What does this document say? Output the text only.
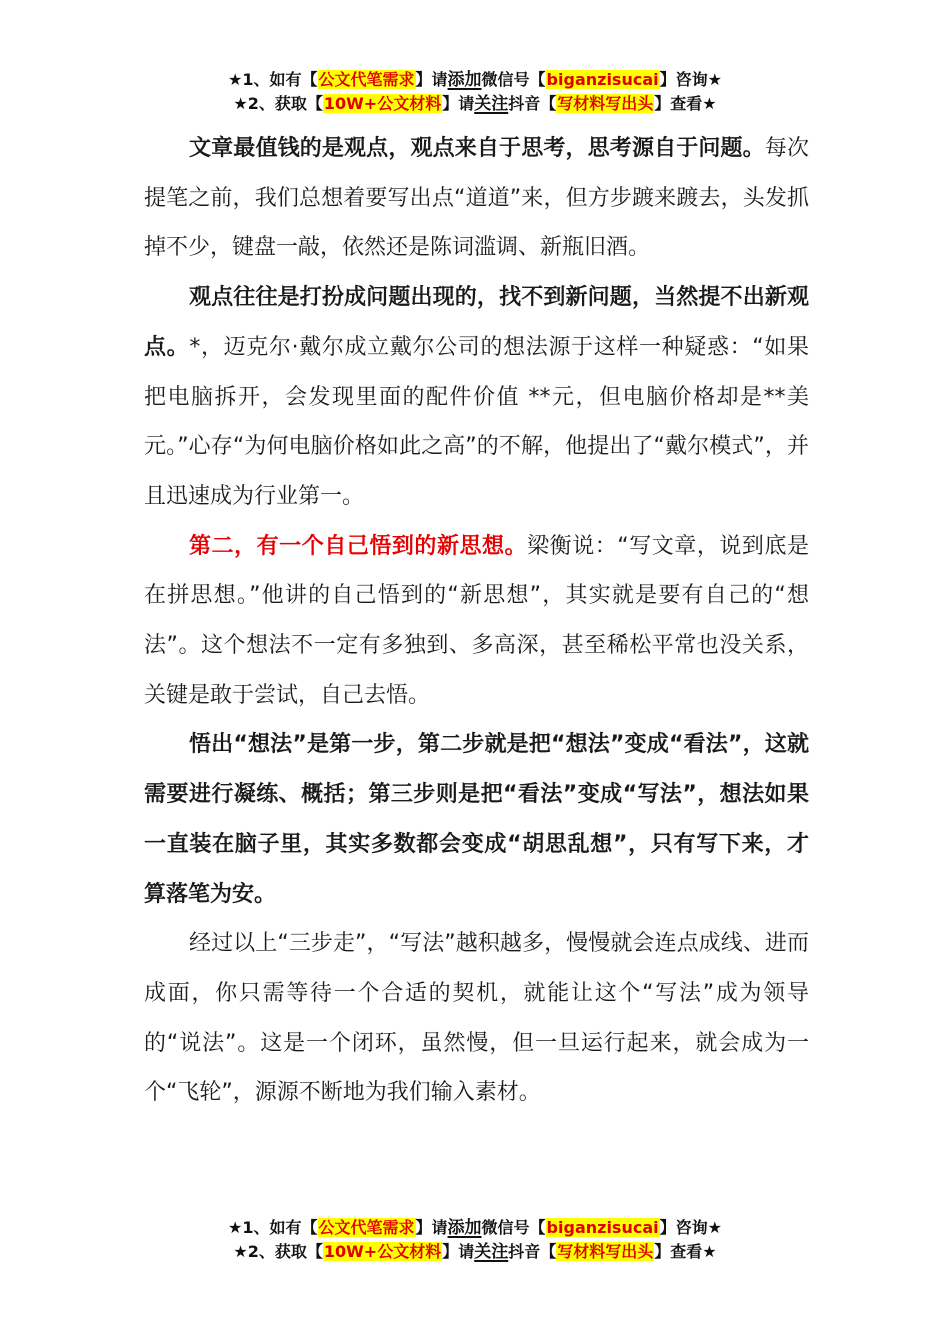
★1、如有【公文代笔需求】请添加微信号【biganzisucai】咨询★
★2、获取【10W+公文材料】请关注抖音【写材料写出头】查看★

文章最值钱的是观点，观点来自于思考，思考源自于问题。每次提笔之前，我们总想着要写出点“道道”来，但方步踱来踱去，头发抓掉不少，键盘一敲，依然还是陈词滥调、新瓶旧酒。

观点往往是打扮成问题出现的，找不到新问题，当然提不出新观点。*，迈克尔·戴尔成立戴尔公司的想法源于这样一种疑惑：“如果把电脑拆开，会发现里面的配件价值 **元，但电脑价格却是**美元。”心存“为何电脑价格如此之高”的不解，他提出了“戴尔模式”，并且迅速成为行业第一。

第二，有一个自己悟到的新思想。梁衡说：“写文章，说到底是在拼思想。”他讲的自己悟到的“新思想”，其实就是要有自己的“想法”。这个想法不一定有多独到、多高深，甚至稀松平常也没关系，关键是敢于尝试，自己去悟。

悟出“想法”是第一步，第二步就是把“想法”变成“看法”，这就需要进行凝练、概括；第三步则是把“看法”变成“写法”，想法如果一直装在脑子里，其实多数都会变成“胡思乱想”，只有写下来，才算落笔为安。

经过以上“三步走”，“写法”越积越多，慢慢就会连点成线、进而成面，你只需等待一个合适的契机，就能让这个“写法”成为领导的“说法”。这是一个闭环，虽然慢，但一旦运行起来，就会成为一个“飞轮”，源源不断地为我们输入素材。

★1、如有【公文代笔需求】请添加微信号【biganzisucai】咨询★
★2、获取【10W+公文材料】请关注抖音【写材料写出头】查看★
